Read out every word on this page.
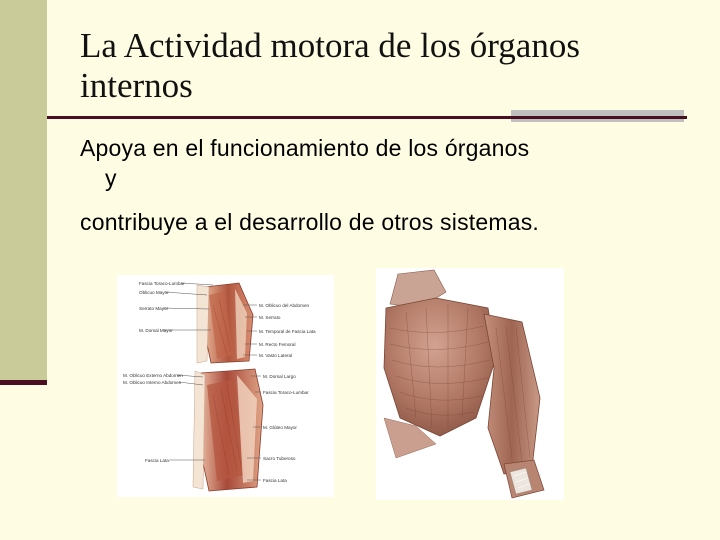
La Actividad motora de los órganos internos

Apoya en el funcionamiento de los órganos

y

contribuye a el desarrollo de otros sistemas.

Fascia Toraco-Lumbar
Oblicuo Mayor
Serrato Mayor
M. Dorsal Mayor
M. Oblicuo Externo Abdomen
M. Oblicuo Interno Abdomen
Fascia Lata
M. Oblicuo del Abdomen
M. Serrato
M. Temporal de Fascia Lata
M. Recto Femoral
M. Vasto Lateral
M. Dorsal Largo
Fascia Toraco-Lumbar
M. Glúteo Mayor
Sacro Tuberoso
Fascia Lata
